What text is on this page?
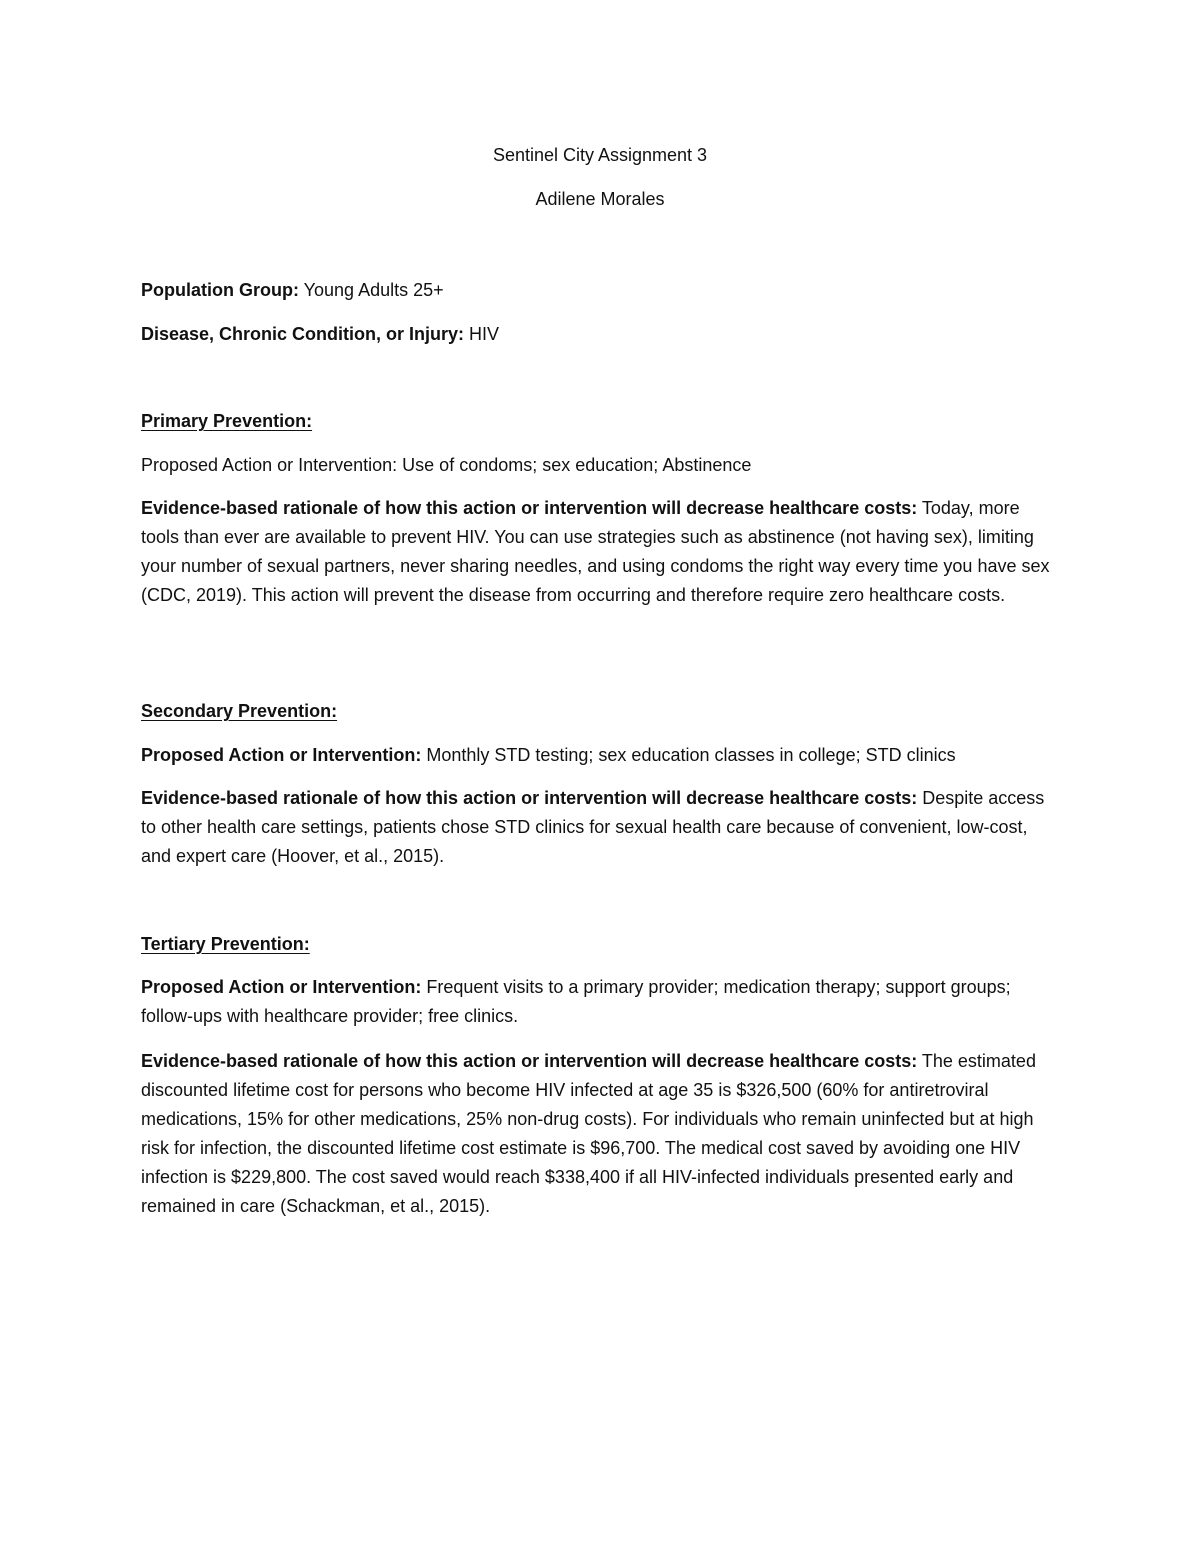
Sentinel City Assignment 3
Adilene Morales
Population Group: Young Adults 25+
Disease, Chronic Condition, or Injury: HIV
Primary Prevention:
Proposed Action or Intervention: Use of condoms; sex education; Abstinence
Evidence-based rationale of how this action or intervention will decrease healthcare costs: Today, more tools than ever are available to prevent HIV. You can use strategies such as abstinence (not having sex), limiting your number of sexual partners, never sharing needles, and using condoms the right way every time you have sex (CDC, 2019). This action will prevent the disease from occurring and therefore require zero healthcare costs.
Secondary Prevention:
Proposed Action or Intervention: Monthly STD testing; sex education classes in college; STD clinics
Evidence-based rationale of how this action or intervention will decrease healthcare costs: Despite access to other health care settings, patients chose STD clinics for sexual health care because of convenient, low-cost, and expert care (Hoover, et al., 2015).
Tertiary Prevention:
Proposed Action or Intervention: Frequent visits to a primary provider; medication therapy; support groups; follow-ups with healthcare provider; free clinics.
Evidence-based rationale of how this action or intervention will decrease healthcare costs: The estimated discounted lifetime cost for persons who become HIV infected at age 35 is $326,500 (60% for antiretroviral medications, 15% for other medications, 25% non-drug costs). For individuals who remain uninfected but at high risk for infection, the discounted lifetime cost estimate is $96,700. The medical cost saved by avoiding one HIV infection is $229,800. The cost saved would reach $338,400 if all HIV-infected individuals presented early and remained in care (Schackman, et al., 2015).
